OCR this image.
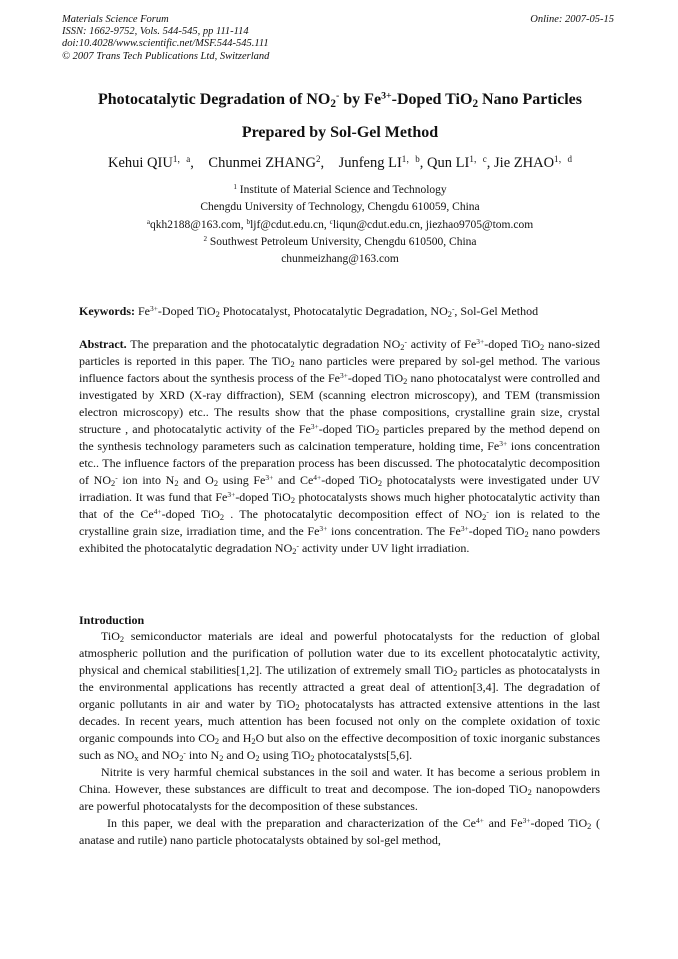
Materials Science Forum
ISSN: 1662-9752, Vols. 544-545, pp 111-114
doi:10.4028/www.scientific.net/MSF.544-545.111
© 2007 Trans Tech Publications Ltd, Switzerland
Online: 2007-05-15
Photocatalytic Degradation of $NO_2^-$ by $Fe^{3+}$-Doped TiO$_2$ Nano Particles
Prepared by Sol-Gel Method
Kehui $QIU^{1,a}$,    Chunmei ZHANG$^2$,    Junfeng $LI^{1,b}$, Qun $LI^{1,c}$, Jie $ZHAO^{1,d}$
$^1$ Institute of Material Science and Technology
Chengdu University of Technology, Chengdu 610059, China
$^a$qkh2188@163.com, $^b$ljf@cdut.edu.cn, $^c$liqun@cdut.edu.cn, jiezhao9705@tom.com
$^2$ Southwest Petroleum University, Chengdu 610500, China
chunmeizhang@163.com
Keywords: $Fe^{3+}$-Doped TiO$_2$ Photocatalyst, Photocatalytic Degradation, $NO_2^-$, Sol-Gel Method
Abstract. The preparation and the photocatalytic degradation $NO_2^-$ activity of $Fe^{3+}$-doped TiO$_2$ nano-sized particles is reported in this paper. The TiO$_2$ nano particles were prepared by sol-gel method. The various influence factors about the synthesis process of the $Fe^{3+}$-doped TiO$_2$ nano photocatalyst were controlled and investigated by XRD (X-ray diffraction), SEM (scanning electron microscopy), and TEM (transmission electron microscopy) etc.. The results show that the phase compositions, crystalline grain size, crystal structure , and photocatalytic activity of the $Fe^{3+}$-doped TiO$_2$ particles prepared by the method depend on the synthesis technology parameters such as calcination temperature, holding time, $Fe^{3+}$ ions concentration etc.. The influence factors of the preparation process has been discussed. The photocatalytic decomposition of $NO_2^-$ ion into $N_2$ and $O_2$ using $Fe^{3+}$ and $Ce^{4+}$-doped TiO$_2$ photocatalysts were investigated under UV irradiation. It was fund that $Fe^{3+}$-doped TiO$_2$ photocatalysts shows much higher photocatalytic activity than that of the $Ce^{4+}$-doped TiO$_2$ . The photocatalytic decomposition effect of $NO_2^-$ ion is related to the crystalline grain size, irradiation time, and the $Fe^{3+}$ ions concentration. The $Fe^{3+}$-doped TiO$_2$ nano powders exhibited the photocatalytic degradation $NO_2^-$ activity under UV light irradiation.
Introduction

TiO$_2$ semiconductor materials are ideal and powerful photocatalysts for the reduction of global atmospheric pollution and the purification of pollution water due to its excellent photocatalytic activity, physical and chemical stabilities[1,2]. The utilization of extremely small TiO$_2$ particles as photocatalysts in the environmental applications has recently attracted a great deal of attention[3,4]. The degradation of organic pollutants in air and water by TiO$_2$ photocatalysts has attracted extensive attentions in the last decades. In recent years, much attention has been focused not only on the complete oxidation of toxic organic compounds into $CO_2$ and $H_2O$ but also on the effective decomposition of toxic inorganic substances such as $NO_x$ and $NO_2^-$ into $N_2$ and $O_2$ using TiO$_2$ photocatalysts[5,6].

Nitrite is very harmful chemical substances in the soil and water. It has become a serious problem in China. However, these substances are difficult to treat and decompose. The ion-doped TiO$_2$ nanopowders are powerful photocatalysts for the decomposition of these substances.

In this paper, we deal with the preparation and characterization of the $Ce^{4+}$ and $Fe^{3+}$-doped TiO$_2$ ( anatase and rutile) nano particle photocatalysts obtained by sol-gel method,
